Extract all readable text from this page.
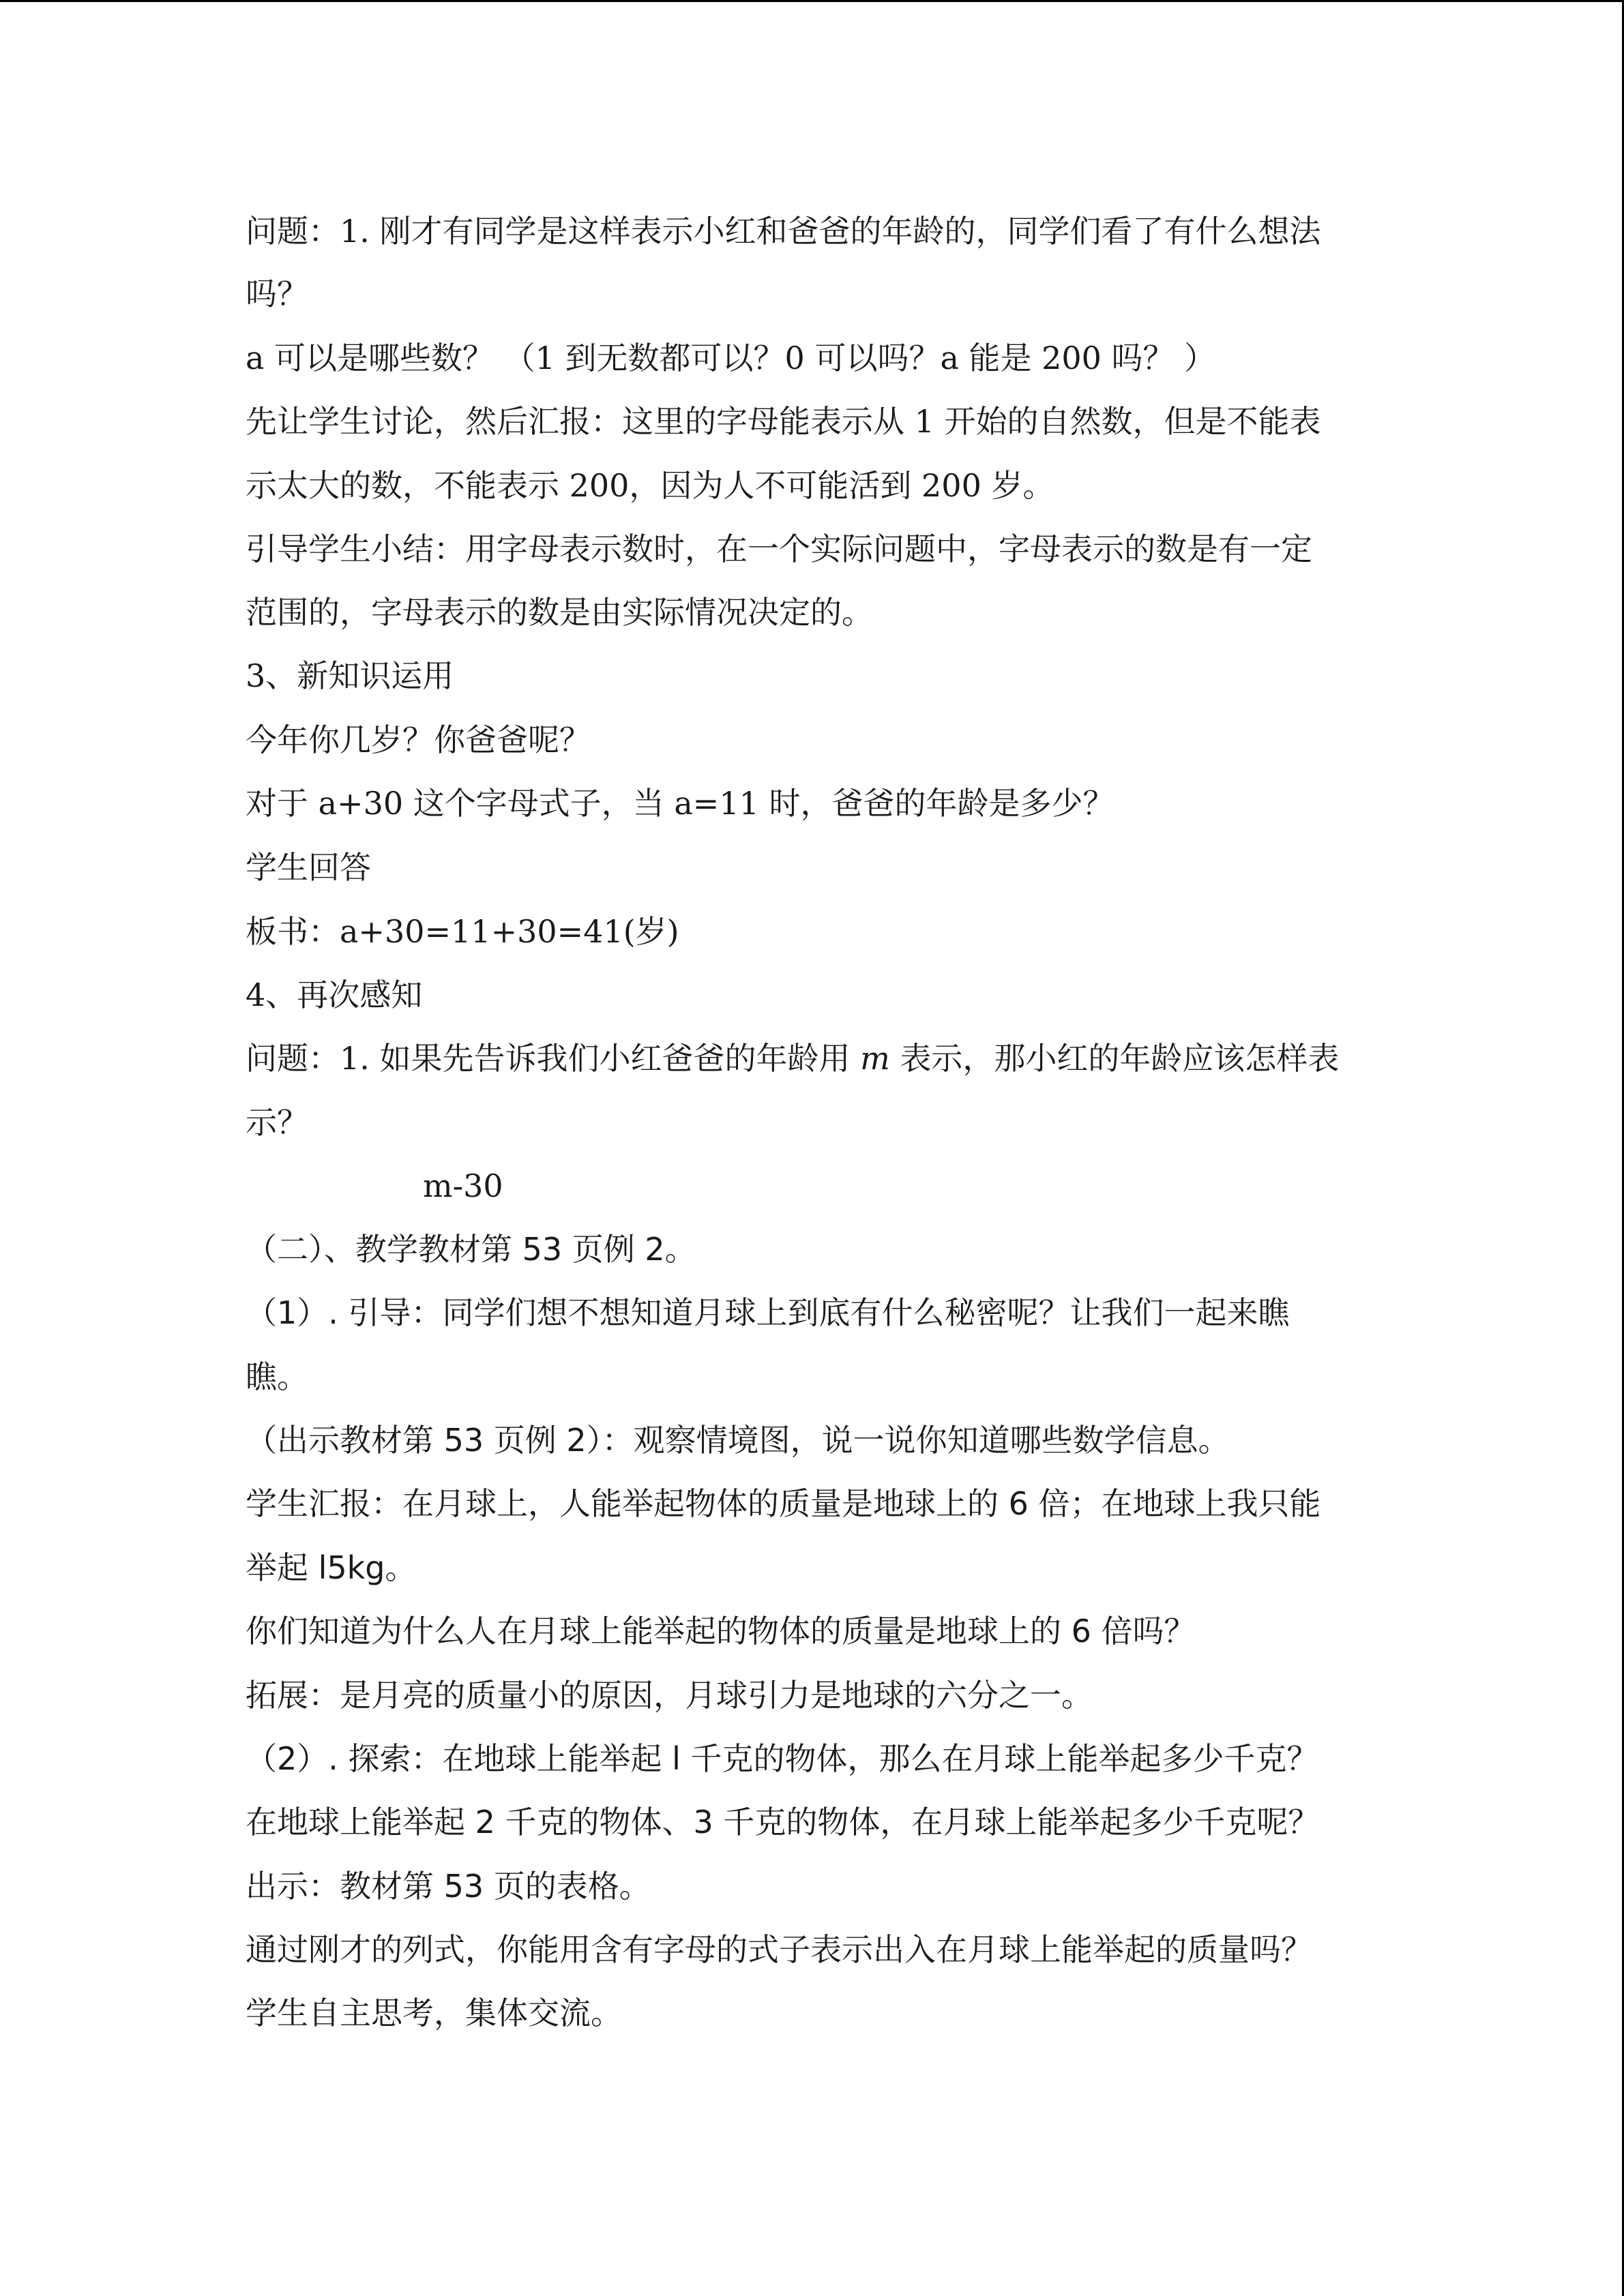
问题：1. 刚才有同学是这样表示小红和爸爸的年龄的，同学们看了有什么想法
吗？
a 可以是哪些数？ （1 到无数都可以？0 可以吗？a 能是 200 吗？ ）
先让学生讨论，然后汇报：这里的字母能表示从 1 开始的自然数，但是不能表
示太大的数，不能表示 200，因为人不可能活到 200 岁。
引导学生小结：用字母表示数时，在一个实际问题中，字母表示的数是有一定
范围的，字母表示的数是由实际情况决定的。
3、新知识运用
今年你几岁？你爸爸呢？
对于 a+30 这个字母式子，当 a=11 时，爸爸的年龄是多少？
学生回答
板书：a+30=11+30=41(岁)
4、再次感知
问题：1. 如果先告诉我们小红爸爸的年龄用 m 表示，那小红的年龄应该怎样表
示？
m-30
（二）、教学教材第 53 页例 2。
（1）. 引导：同学们想不想知道月球上到底有什么秘密呢？让我们一起来瞧
瞧。
（出示教材第 53 页例 2）：观察情境图，说一说你知道哪些数学信息。
学生汇报：在月球上，人能举起物体的质量是地球上的 6 倍；在地球上我只能
举起 l5kg。
你们知道为什么人在月球上能举起的物体的质量是地球上的 6 倍吗？
拓展：是月亮的质量小的原因，月球引力是地球的六分之一。
（2）. 探索：在地球上能举起 l 千克的物体，那么在月球上能举起多少千克？
在地球上能举起 2 千克的物体、3 千克的物体，在月球上能举起多少千克呢？
出示：教材第 53 页的表格。
通过刚才的列式，你能用含有字母的式子表示出入在月球上能举起的质量吗？
学生自主思考，集体交流。
